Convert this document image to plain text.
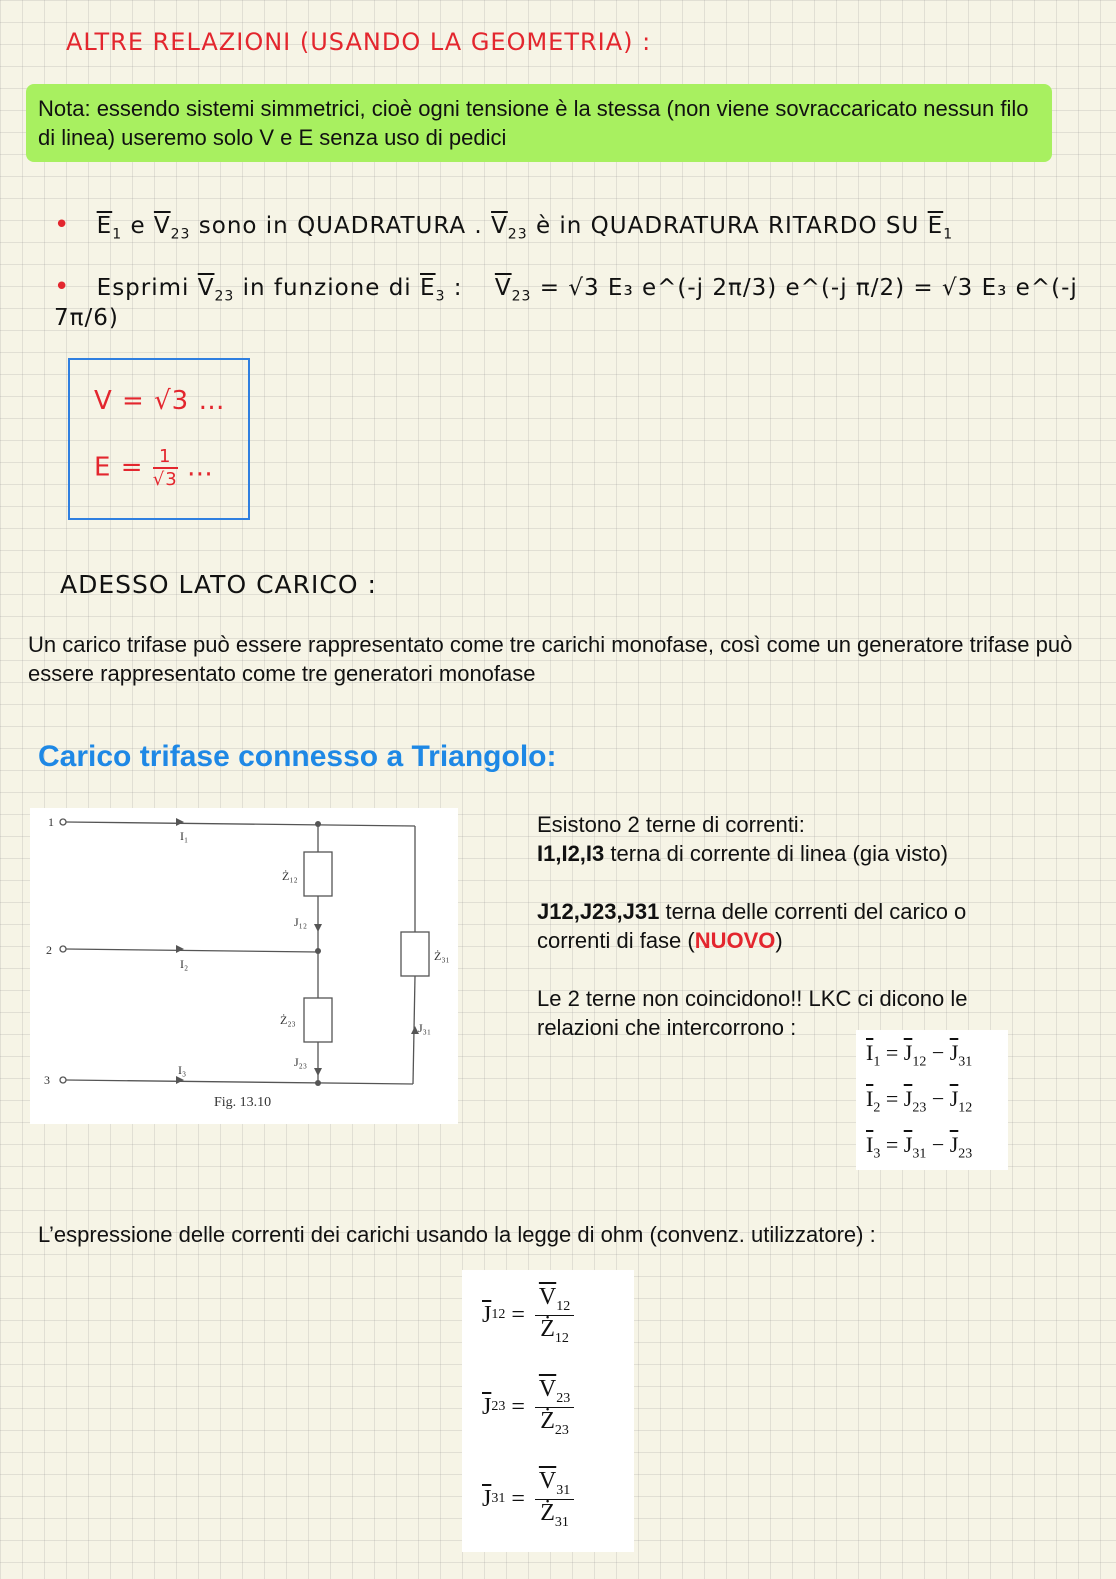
ALTRE RELAZIONI (USANDO LA GEOMETRIA) :
Nota: essendo sistemi simmetrici, cioè ogni tensione è la stessa (non viene sovraccaricato nessun filo di linea) useremo solo V e E senza uso di pedici
• $\overline{E}_1$ e $\overline{V}_{23}$ sono in QUADRATURA . $\overline{V}_{23}$ è in QUADRATURA RITARDO SU $\overline{E}_1$
• Esprimi $\overline{V}_{23}$ in funzione di $\overline{E}_3$ : $\overline{V}_{23} = √3$ E₃ e^(-j 2π/3) e^(-j π/2) = √3 E₃ e^(-j 7π/6)
V = √3 …
$E = \frac{1}{√3}$ …
ADESSO LATO CARICO :
Un carico trifase può essere rappresentato come tre carichi monofase, così come un generatore trifase può essere rappresentato come tre generatori monofase
Carico trifase connesso a Triangolo:
1
2
3
I₁
I₂
I₃
Ż₁₂
Ż₂₃
Ż₃₁
J₁₂
J₂₃
J₃₁
Fig. 13.10

Esistono 2 terne di correnti:

I1,I2,I3 terna di corrente di linea (gia visto)

J12,J23,J31 terna delle correnti del carico o

correnti di fase (NUOVO)

Le 2 terne non coincidono!! LKC ci dicono le

relazioni che intercorrono :

$\overline{I}_1 = \overline{J}_{12} - \overline{J}_{31}$
$\overline{I}_2 = \overline{J}_{23} - \overline{J}_{12}$
$\overline{I}_3 = \overline{J}_{31} - \overline{J}_{23}$
L’espressione delle correnti dei carichi usando la legge di ohm (convenz. utilizzatore) :
$\overline{J}$ 12 =
$\overline{V}_{12}$
$Ż_{12}$
$\overline{J}$ 23 =
$\overline{V}_{23}$
$Ż_{23}$
$\overline{J}$ 31 =
$\overline{V}_{31}$
$Ż_{31}$
